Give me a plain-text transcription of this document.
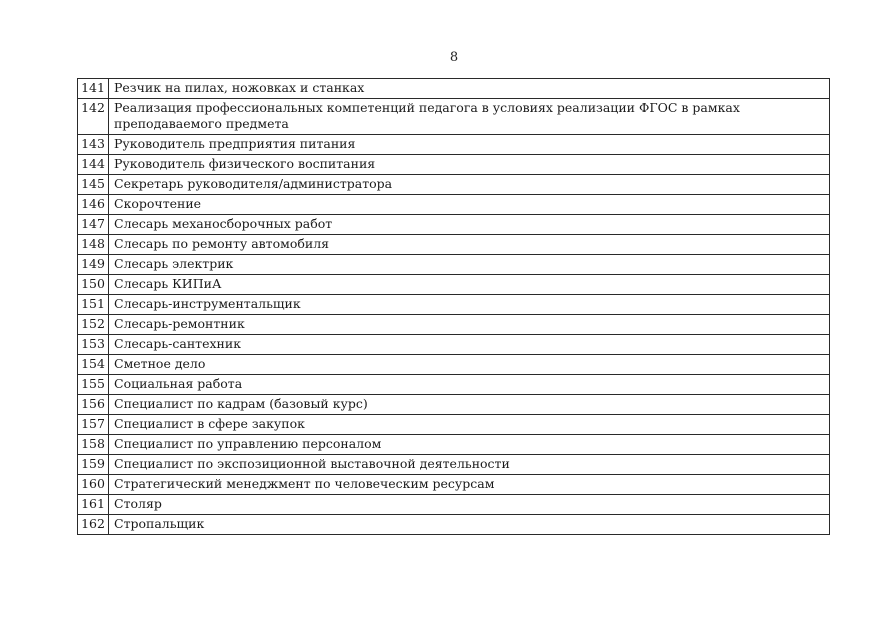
8
141	Резчик на пилах, ножовках и станках
142	Реализация профессиональных компетенций педагога в условиях реализации ФГОС в рамках преподаваемого предмета
143	Руководитель предприятия питания
144	Руководитель физического воспитания
145	Секретарь руководителя/администратора
146	Скорочтение
147	Слесарь механосборочных работ
148	Слесарь по ремонту автомобиля
149	Слесарь электрик
150	Слесарь КИПиА
151	Слесарь-инструментальщик
152	Слесарь-ремонтник
153	Слесарь-сантехник
154	Сметное дело
155	Социальная работа
156	Специалист по кадрам (базовый курс)
157	Специалист в сфере закупок
158	Специалист по управлению персоналом
159	Специалист по экспозиционной выставочной деятельности
160	Стратегический менеджмент по человеческим ресурсам
161	Столяр
162	Стропальщик
